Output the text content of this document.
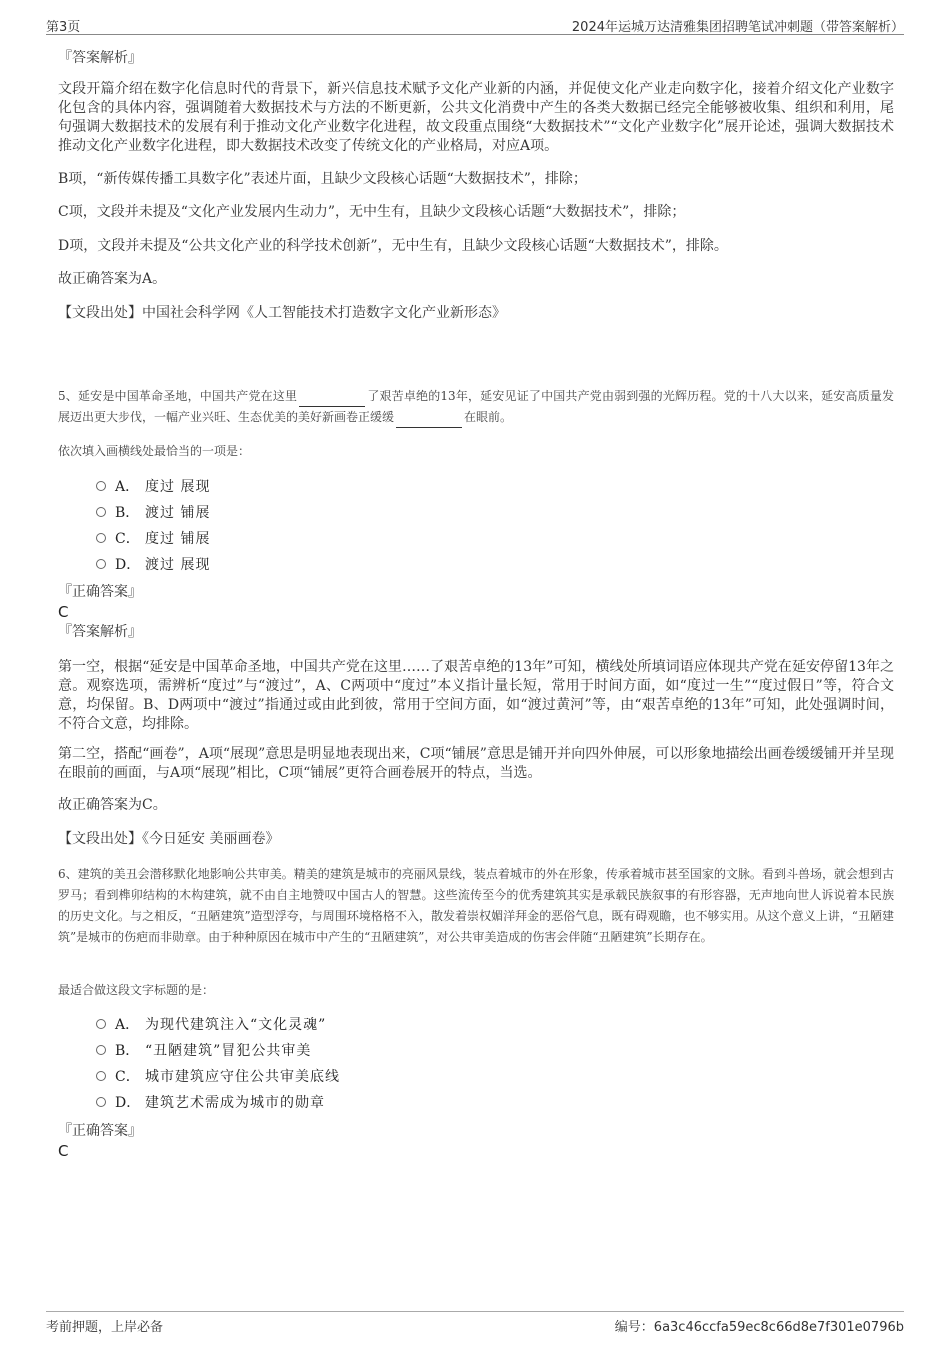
第3页	2024年运城万达清雅集团招聘笔试冲刺题（带答案解析）
『答案解析』
文段开篇介绍在数字化信息时代的背景下，新兴信息技术赋予文化产业新的内涵，并促使文化产业走向数字化，接着介绍文化产业数字化包含的具体内容，强调随着大数据技术与方法的不断更新，公共文化消费中产生的各类大数据已经完全能够被收集、组织和利用，尾句强调大数据技术的发展有利于推动文化产业数字化进程，故文段重点围绕“大数据技术”“文化产业数字化”展开论述，强调大数据技术推动文化产业数字化进程，即大数据技术改变了传统文化的产业格局，对应A项。
B项，“新传媒传播工具数字化”表述片面，且缺少文段核心话题“大数据技术”，排除；
C项，文段并未提及“文化产业发展内生动力”，无中生有，且缺少文段核心话题“大数据技术”，排除；
D项，文段并未提及“公共文化产业的科学技术创新”，无中生有，且缺少文段核心话题“大数据技术”，排除。
故正确答案为A。
【文段出处】中国社会科学网《人工智能技术打造数字文化产业新形态》
5、延安是中国革命圣地，中国共产党在这里	了艰苦卓绝的13年，延安见证了中国共产党由弱到强的光辉历程。党的十八大以来，延安高质量发展迈出更大步伐，一幅产业兴旺、生态优美的美好新画卷正缓缓	在眼前。
依次填入画横线处最恰当的一项是：
A． 度过 展现
B． 渡过 铺展
C． 度过 铺展
D． 渡过 展现
『正确答案』
C
『答案解析』
第一空，根据“延安是中国革命圣地，中国共产党在这里……了艰苦卓绝的13年”可知，横线处所填词语应体现共产党在延安停留13年之意。观察选项，需辨析“度过”与“渡过”，A、C两项中“度过”本义指计量长短，常用于时间方面，如“度过一生”“度过假日”等，符合文意，均保留。B、D两项中“渡过”指通过或由此到彼，常用于空间方面，如“渡过黄河”等，由“艰苦卓绝的13年”可知，此处强调时间，不符合文意，均排除。
第二空，搭配“画卷”，A项“展现”意思是明显地表现出来，C项“铺展”意思是铺开并向四外伸展，可以形象地描绘出画卷缓缓铺开并呈现在眼前的画面，与A项“展现”相比，C项“铺展”更符合画卷展开的特点，当选。
故正确答案为C。
【文段出处】《今日延安 美丽画卷》
6、建筑的美丑会潜移默化地影响公共审美。精美的建筑是城市的亮丽风景线，装点着城市的外在形象，传承着城市甚至国家的文脉。看到斗兽场，就会想到古罗马；看到榫卯结构的木构建筑，就不由自主地赞叹中国古人的智慧。这些流传至今的优秀建筑其实是承载民族叙事的有形容器，无声地向世人诉说着本民族的历史文化。与之相反，“丑陋建筑”造型浮夸，与周围环境格格不入，散发着崇权媚洋拜金的恶俗气息，既有碍观瞻，也不够实用。从这个意义上讲，“丑陋建筑”是城市的伤疤而非勋章。由于种种原因在城市中产生的“丑陋建筑”，对公共审美造成的伤害会伴随“丑陋建筑”长期存在。
最适合做这段文字标题的是：
A． 为现代建筑注入“文化灵魂”
B． “丑陋建筑”冒犯公共审美
C． 城市建筑应守住公共审美底线
D． 建筑艺术需成为城市的勋章
『正确答案』
C
考前押题，上岸必备	编号：6a3c46ccfa59ec8c66d8e7f301e0796b
